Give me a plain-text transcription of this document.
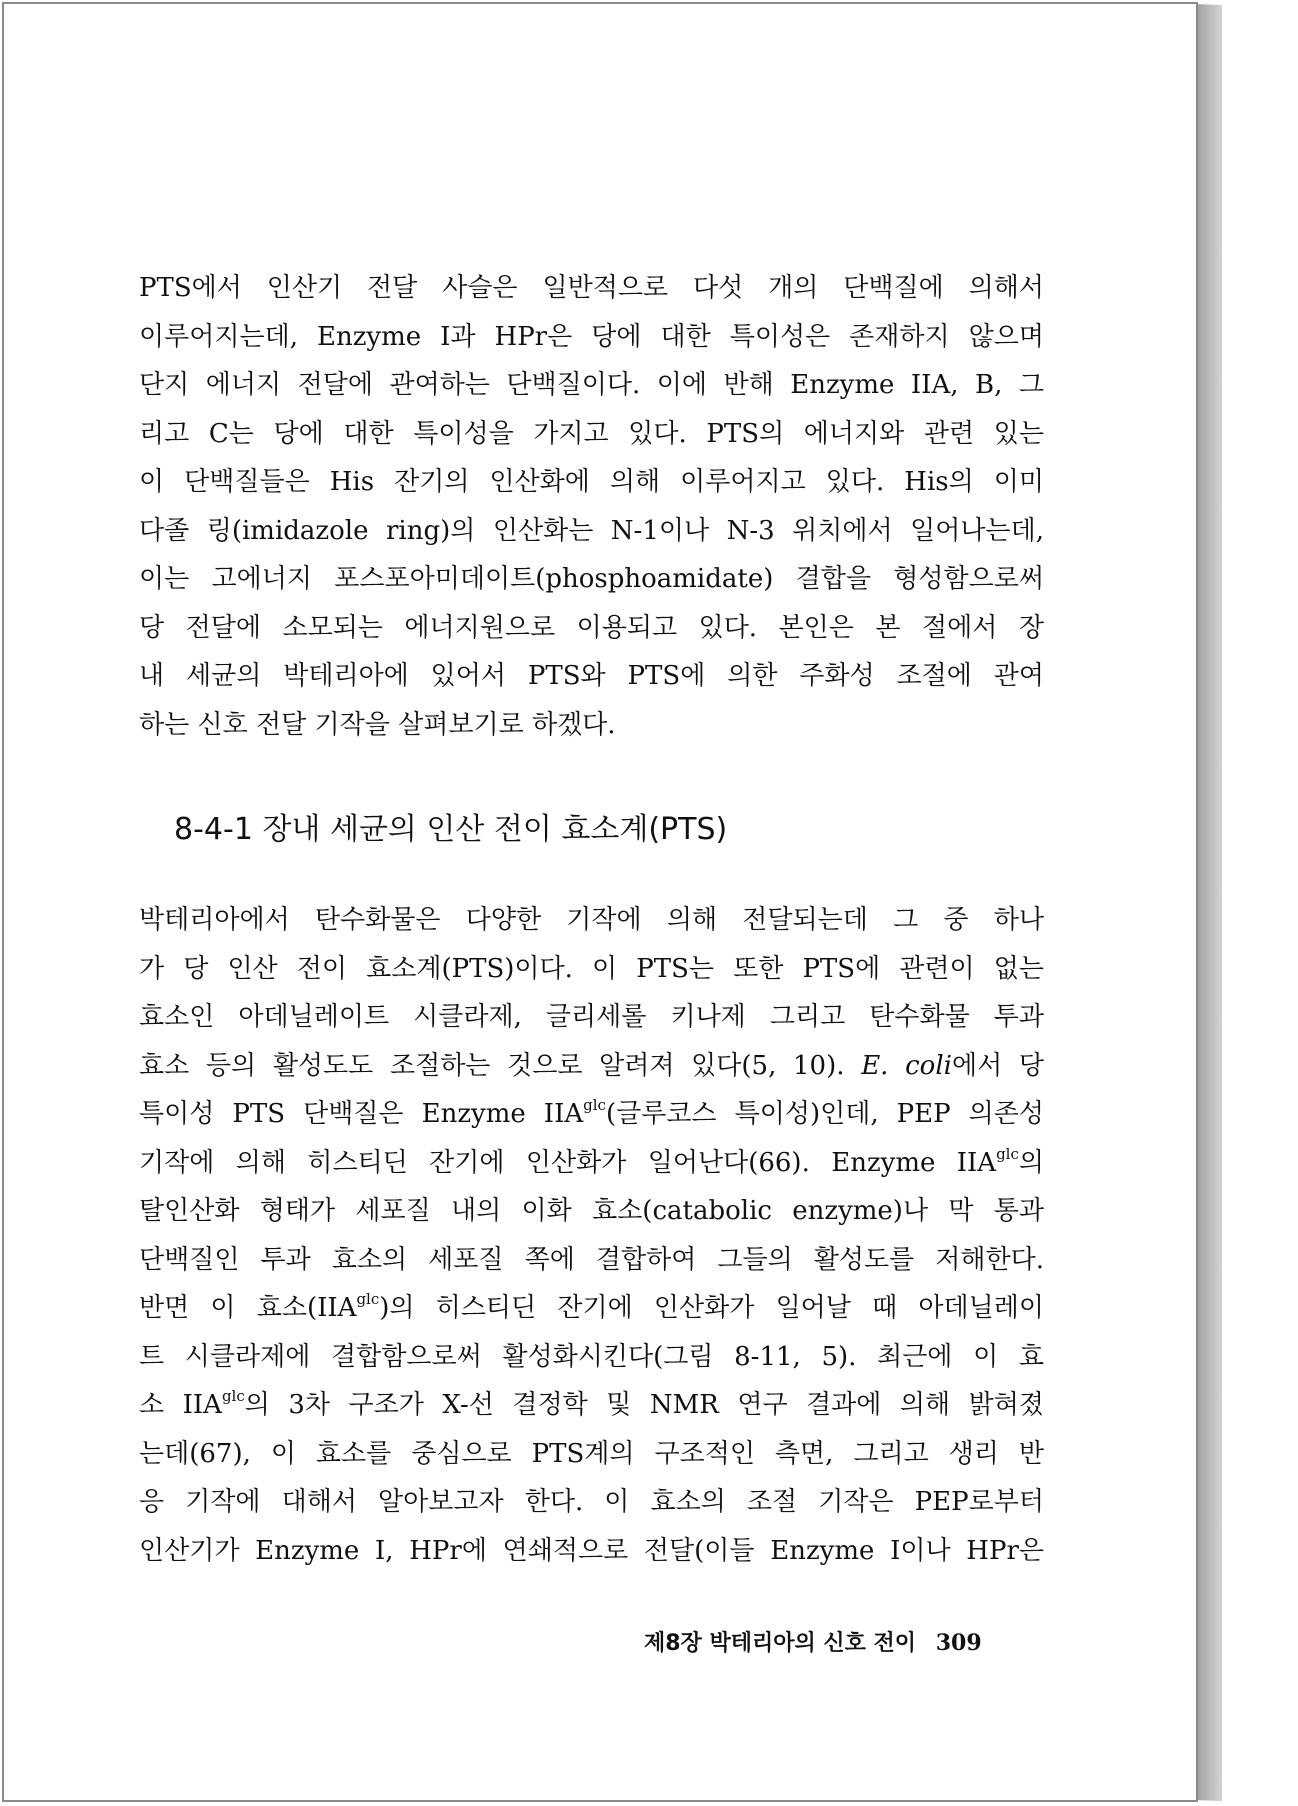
PTS에서 인산기 전달 사슬은 일반적으로 다섯 개의 단백질에 의해서
이루어지는데, Enzyme I과 HPr은 당에 대한 특이성은 존재하지 않으며
단지 에너지 전달에 관여하는 단백질이다. 이에 반해 Enzyme IIA, B, 그
리고 C는 당에 대한 특이성을 가지고 있다. PTS의 에너지와 관련 있는
이 단백질들은 His 잔기의 인산화에 의해 이루어지고 있다. His의 이미
다졸 링(imidazole ring)의 인산화는 N-1이나 N-3 위치에서 일어나는데,
이는 고에너지 포스포아미데이트(phosphoamidate) 결합을 형성함으로써
당 전달에 소모되는 에너지원으로 이용되고 있다. 본인은 본 절에서 장
내 세균의 박테리아에 있어서 PTS와 PTS에 의한 주화성 조절에 관여
하는 신호 전달 기작을 살펴보기로 하겠다.
8-4-1 장내 세균의 인산 전이 효소계(PTS)
박테리아에서 탄수화물은 다양한 기작에 의해 전달되는데 그 중 하나
가 당 인산 전이 효소계(PTS)이다. 이 PTS는 또한 PTS에 관련이 없는
효소인 아데닐레이트 시클라제, 글리세롤 키나제 그리고 탄수화물 투과
효소 등의 활성도도 조절하는 것으로 알려져 있다(5, 10). E. coli에서 당
특이성 PTS 단백질은 Enzyme $IIA^{glc}$(글루코스 특이성)인데, PEP 의존성
기작에 의해 히스티딘 잔기에 인산화가 일어난다(66). Enzyme $IIA^{glc}$의
탈인산화 형태가 세포질 내의 이화 효소(catabolic enzyme)나 막 통과
단백질인 투과 효소의 세포질 쪽에 결합하여 그들의 활성도를 저해한다.
반면 이 효소$(IIA^{glc})$의 히스티딘 잔기에 인산화가 일어날 때 아데닐레이
트 시클라제에 결합함으로써 활성화시킨다(그림 8-11, 5). 최근에 이 효
소 $IIA^{glc}$의 3차 구조가 X-선 결정학 및 NMR 연구 결과에 의해 밝혀졌
는데(67), 이 효소를 중심으로 PTS계의 구조적인 측면, 그리고 생리 반
응 기작에 대해서 알아보고자 한다. 이 효소의 조절 기작은 PEP로부터
인산기가 Enzyme I, HPr에 연쇄적으로 전달(이들 Enzyme I이나 HPr은
제8장 박테리아의 신호 전이 309
